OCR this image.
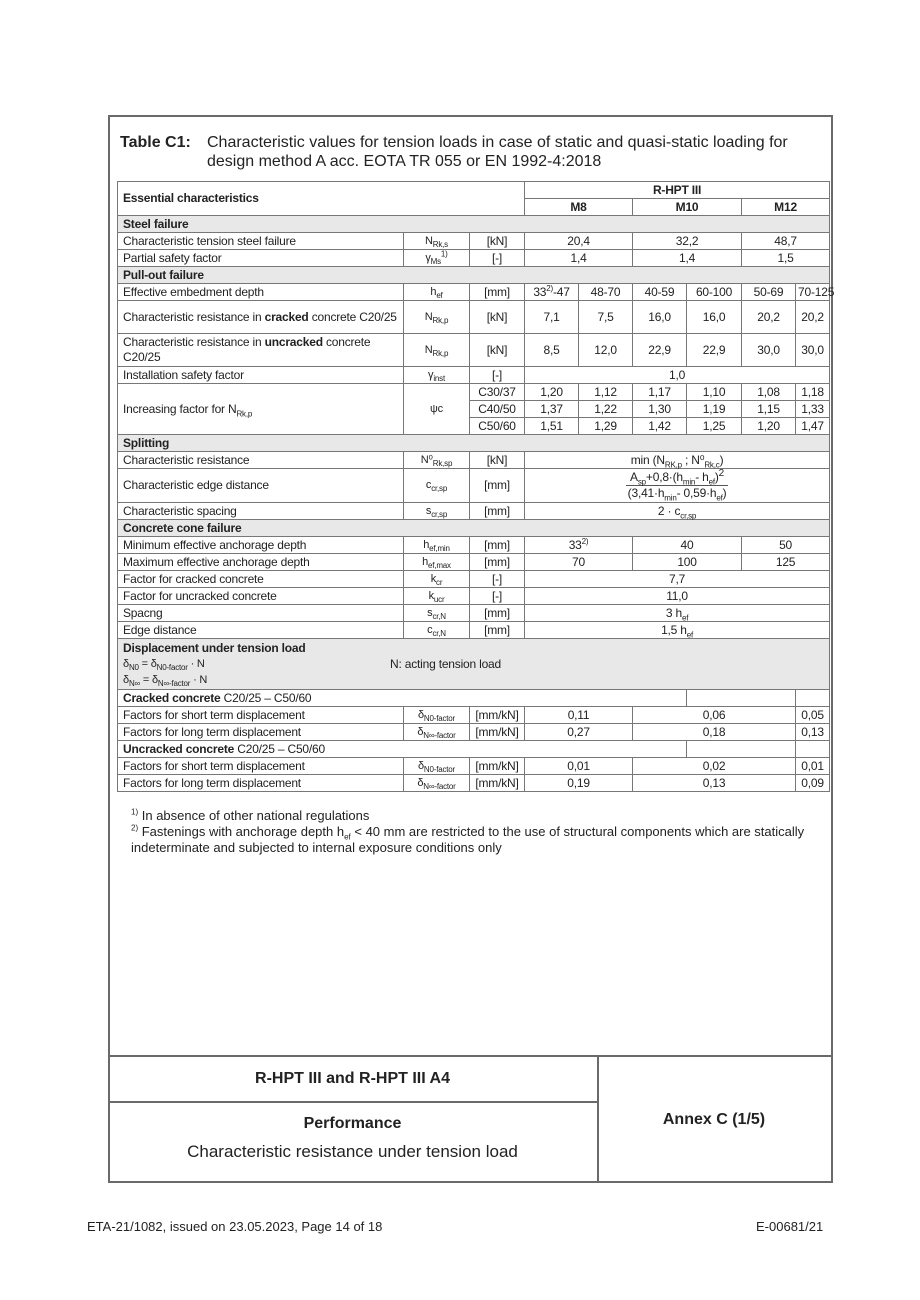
Table C1: Characteristic values for tension loads in case of static and quasi-static loading for design method A acc. EOTA TR 055 or EN 1992-4:2018
Essential characteristics			R-HPT III					
			M8		M10		M12	
Steel failure								
Characteristic tension steel failure	$N_{Rk,s}$	[kN]	20,4		32,2		48,7	
Partial safety factor	$\gamma_{Ms}^{1)}$	[-]	1,4		1,4		1,5	
Pull-out failure								
Effective embedment depth	$h_{ef}$	[mm]	33$^{2)}$-47	48-70	40-59	60-100	50-69	70-125
Characteristic resistance in cracked concrete C20/25	$N_{Rk,p}$	[kN]	7,1	7,5	16,0	16,0	20,2	20,2
Characteristic resistance in uncracked concrete C20/25	$N_{Rk,p}$	[kN]	8,5	12,0	22,9	22,9	30,0	30,0
Installation safety factor	$\gamma_{inst}$	[-]	1,0					
Increasing factor for $N_{Rk,p}$	ψc	C30/37	1,20	1,12	1,17	1,10	1,08	1,18
		C40/50	1,37	1,22	1,30	1,19	1,15	1,33
		C50/60	1,51	1,29	1,42	1,25	1,20	1,47
Splitting								
Characteristic resistance	$N^0_{Rk,sp}$	[kN]	$\min (N_{RK,p}$ ; $N^0_{Rk,c}$)					
Characteristic edge distance	$c_{cr,sp}$	[mm]	$\frac{A_{sp}+0,8\cdot(h_{min}- h_{ef})^2}{(3,41\cdot h_{min}- 0,59\cdot h_{ef})}$

Characteristic spacing	$s_{cr,sp}$	[mm]	$2 \cdot c_{cr,sp}$
Concrete cone failure								
Minimum effective anchorage depth	$h_{ef,min}$	[mm]	33$^{2)}$		40		50	
Maximum effective anchorage depth	$h_{ef,max}$	[mm]	70		100		125	
Factor for cracked concrete	$k_{cr}$	[-]	7,7					
Factor for uncracked concrete	$k_{ucr}$	[-]	11,0					
Spacng	$s_{cr,N}$	[mm]	3 $h_{ef}$
Edge distance	$c_{cr,N}$	[mm]	1,5 $h_{ef}$

Displacement under tension load
$\delta_{N0} = \delta_{N0-factor} \cdot N$
$\delta_{N\infty} = \delta_{N\infty-factor} \cdot N$
N: acting tension load								

Cracked concrete C20/25 – C50/60								
Factors for short term displacement	$\delta_{N0-factor}$	[mm/kN]	0,11		0,06			0,05
Factors for long term displacement	$\delta_{N\infty-factor}$	[mm/kN]	0,27		0,18			0,13
Uncracked concrete C20/25 – C50/60								
Factors for short term displacement	$\delta_{N0-factor}$	[mm/kN]	0,01		0,02			0,01
Factors for long term displacement	$\delta_{N\infty-factor}$	[mm/kN]	0,19		0,13			0,09

$^{1)}$ In absence of other national regulations

$^{2)}$ Fastenings with anchorage depth $h_{ef} < 40$ mm are restricted to the use of structural components which are statically indeterminate and subjected to internal exposure conditions only

R-HPT III and R-HPT III A4
Performance
Characteristic resistance under tension load
Annex C (1/5)
ETA-21/1082, issued on 23.05.2023, Page 14 of 18	E-00681/21
